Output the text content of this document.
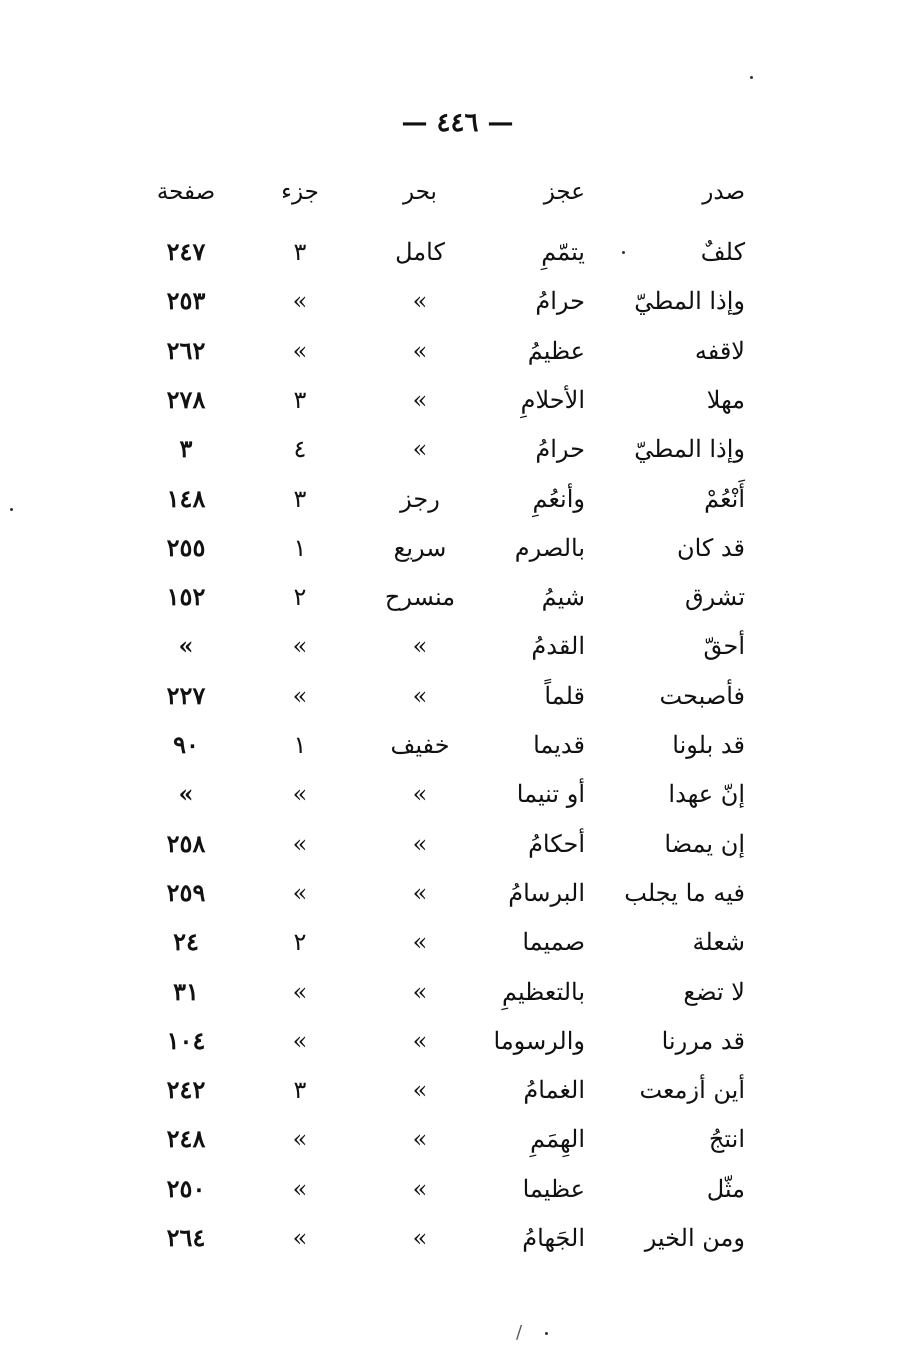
— ٤٤٦ —
صدر
عجز
بحر
جزء
صفحة
كلفٌ
يتمّمِ
كامل
٣
٢٤٧
وإذا المطيّ
حرامُ
»
»
٢٥٣
لاقفه
عظيمُ
»
»
٢٦٢
مهلا
الأحلامِ
»
٣
٢٧٨
وإذا المطيّ
حرامُ
»
٤
٣
أَنْعُمْ
وأنعُمِ
رجز
٣
١٤٨
قد كان
بالصرم
سريع
١
٢٥٥
تشرق
شيمُ
منسرح
٢
١٥٢
أحقّ
القدمُ
»
»
»
فأصبحت
قلماً
»
»
٢٢٧
قد بلونا
قديما
خفيف
١
٩٠
إنّ عهدا
أو تنيما
»
»
»
إن يمضا
أحكامُ
»
»
٢٥٨
فيه ما يجلب
البرسامُ
»
»
٢٥٩
شعلة
صميما
»
٢
٢٤
لا تضع
بالتعظيمِ
»
»
٣١
قد مررنا
والرسوما
»
»
١٠٤
أين أزمعت
الغمامُ
»
٣
٢٤٢
انتجُ
الهِمَمِ
»
»
٢٤٨
مثّل
عظيما
»
»
٢٥٠
ومن الخير
الجَهامُ
»
»
٢٦٤
/
